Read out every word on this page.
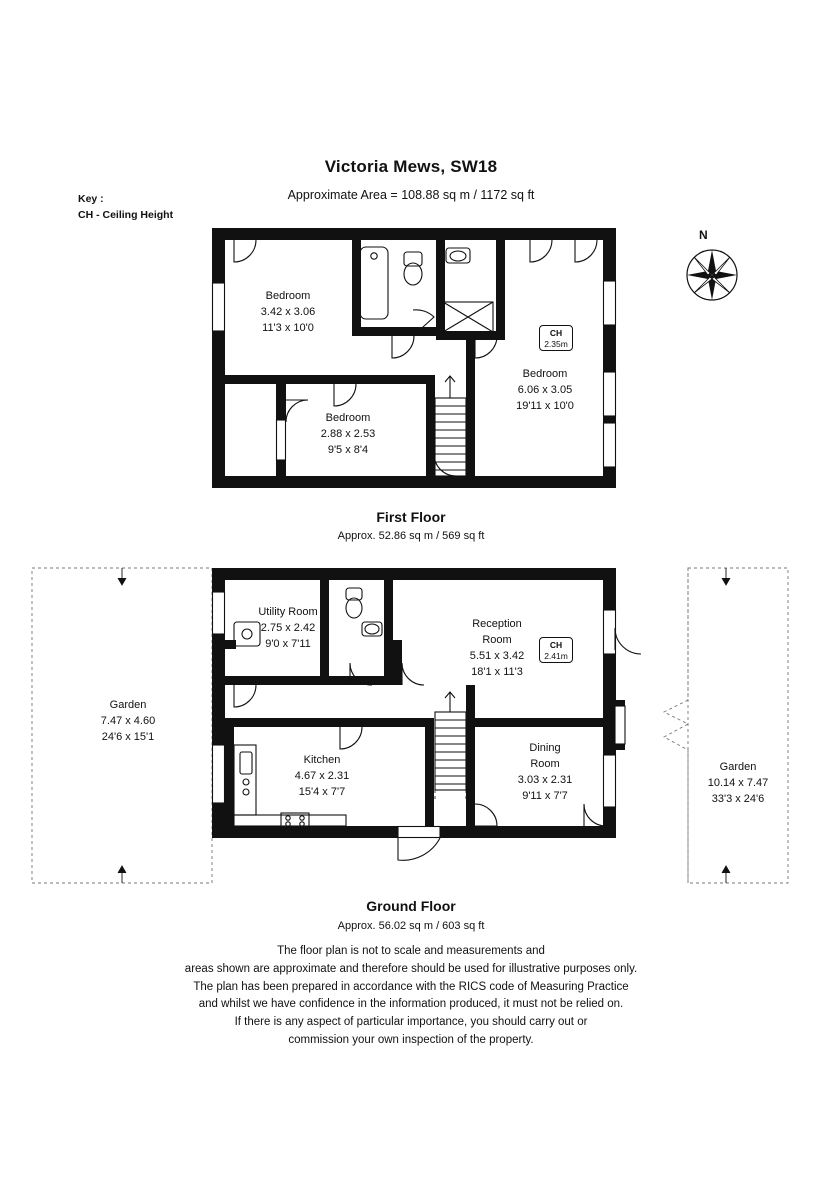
Bedroom
3.42 x 3.06
11'3 x 10'0
Bedroom
6.06 x 3.05
19'11 x 10'0
Bedroom
2.88 x 2.53
9'5 x 8'4
CH
2.35m
Utility Room
2.75 x 2.42
9'0 x 7'11
Reception
Room
5.51 x 3.42
18'1 x 11'3
Kitchen
4.67 x 2.31
15'4 x 7'7
Dining
Room
3.03 x 2.31
9'11 x 7'7
Garden
7.47 x 4.60
24'6 x 15'1
Garden
10.14 x 7.47
33'3 x 24'6
CH
2.41m
Victoria Mews, SW18
Approximate Area = 108.88 sq m / 1172 sq ft
Key :
CH - Ceiling Height
N
First Floor
Approx. 52.86 sq m / 569 sq ft
Ground Floor
Approx. 56.02 sq m / 603 sq ft
The floor plan is not to scale and measurements and
areas shown are approximate and therefore should be used for illustrative purposes only.
The plan has been prepared in accordance with the RICS code of Measuring Practice
and whilst we have confidence in the information produced, it must not be relied on.
If there is any aspect of particular importance, you should carry out or
commission your own inspection of the property.
